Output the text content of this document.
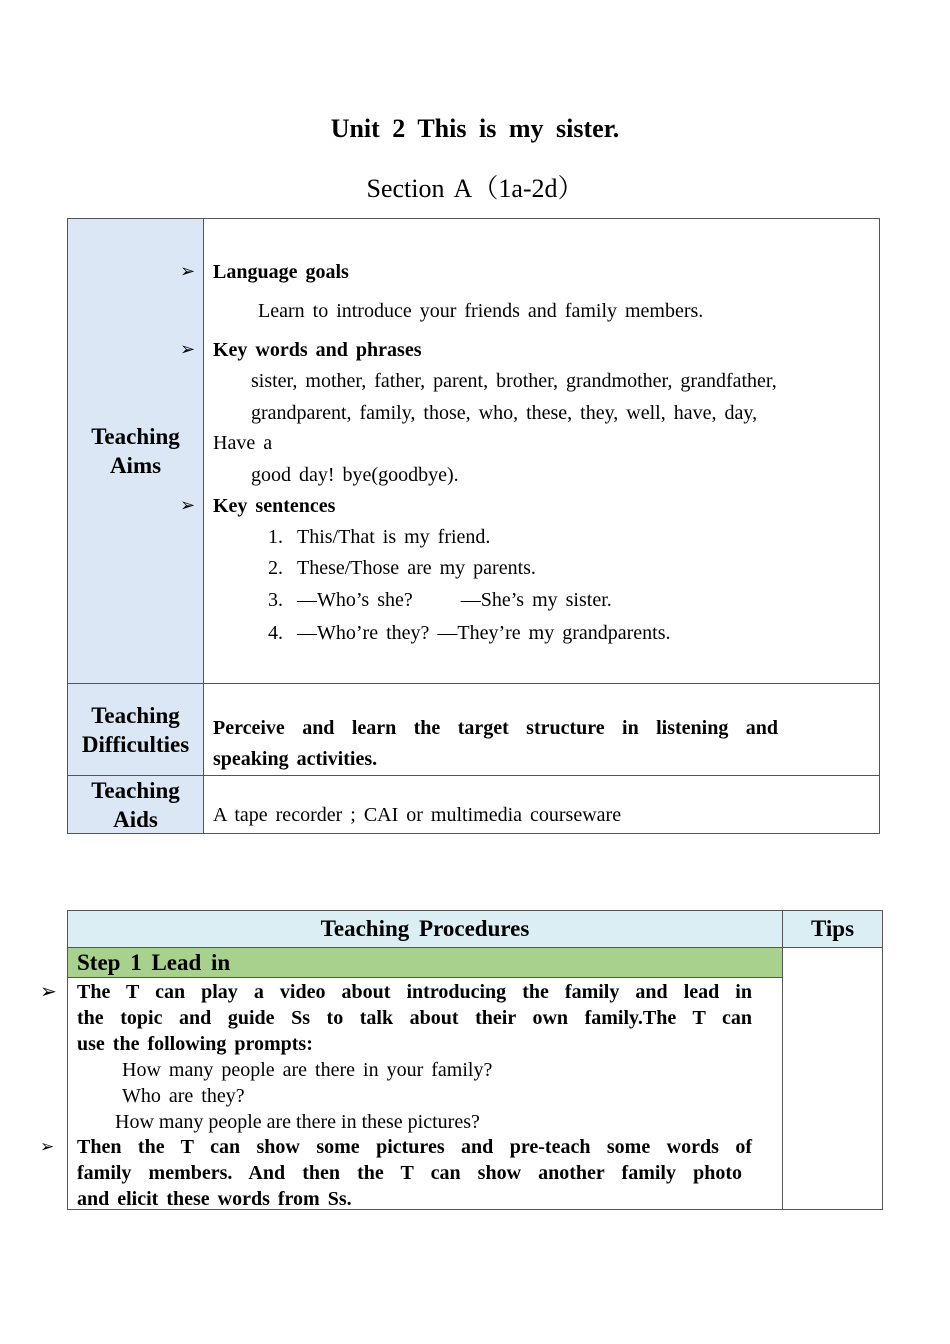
Unit 2 This is my sister.
Section A（1a-2d）
Teaching
Aims
➢ Language goals
Learn to introduce your friends and family members.
➢ Key words and phrases
sister, mother, father, parent, brother, grandmother, grandfather,
grandparent, family, those, who, these, they, well, have, day,
Have a
good day! bye(goodbye).
➢ Key sentences
1. This/That is my friend.
2. These/Those are my parents.
3. —Who’s she?      —She’s my sister.
4. —Who’re they? —They’re my grandparents.
Teaching
Difficulties
Perceive and learn the target structure in listening and
speaking activities.
Teaching
Aids	A tape recorder ; CAI or multimedia courseware
Teaching Procedures	Tips
Step 1 Lead in
➢ The T can play a video about introducing the family and lead in
the topic and guide Ss to talk about their own family.The T can
use the following prompts:
How many people are there in your family?
Who are they?
How many people are there in these pictures?
➢ Then the T can show some pictures and pre-teach some words of
family members. And then the T can show another family photo
and elicit these words from Ss.
